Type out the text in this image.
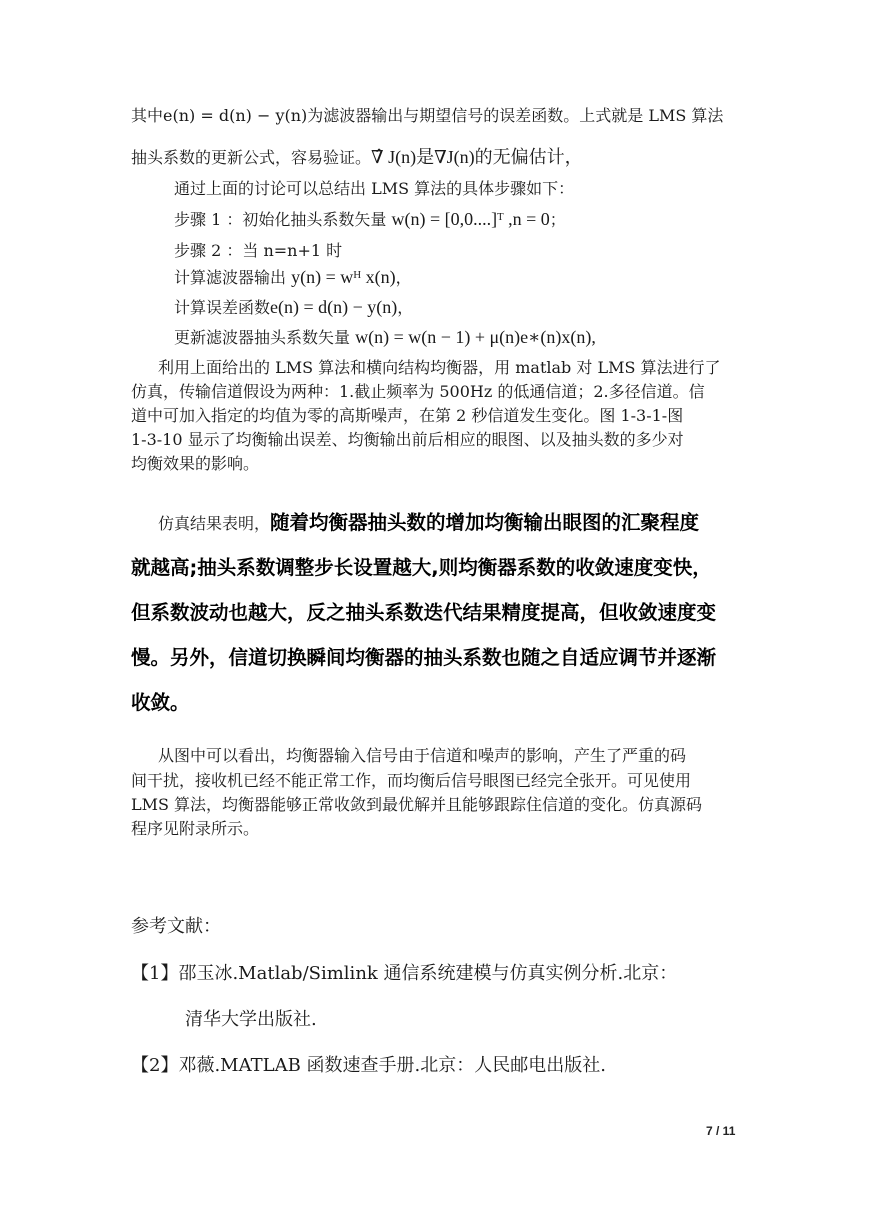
其中e(n) = d(n) − y(n)为滤波器输出与期望信号的误差函数。上式就是 LMS 算法
抽头系数的更新公式，容易验证。∇̂ J(n)是∇J(n)的无偏估计，
通过上面的讨论可以总结出 LMS 算法的具体步骤如下：
步骤 1 ：初始化抽头系数矢量 w(n) = [0,0....]ᵀ ,n = 0；
步骤 2 ：当 n=n+1 时
计算滤波器输出 y(n) = wᴴ x(n)，
计算误差函数e(n) = d(n) − y(n)，
更新滤波器抽头系数矢量 w(n) = w(n − 1) + μ(n)e∗(n)x(n),
利用上面给出的 LMS 算法和横向结构均衡器，用 matlab 对 LMS 算法进行了
仿真，传输信道假设为两种：1.截止频率为 500Hz 的低通信道；2.多径信道。信
道中可加入指定的均值为零的高斯噪声，在第 2 秒信道发生变化。图 1-3-1-图
1-3-10 显示了均衡输出误差、均衡输出前后相应的眼图、以及抽头数的多少对
均衡效果的影响。
仿真结果表明，随着均衡器抽头数的增加均衡输出眼图的汇聚程度
就越高;抽头系数调整步长设置越大,则均衡器系数的收敛速度变快，
但系数波动也越大，反之抽头系数迭代结果精度提高，但收敛速度变
慢。另外，信道切换瞬间均衡器的抽头系数也随之自适应调节并逐渐
收敛。
从图中可以看出，均衡器输入信号由于信道和噪声的影响，产生了严重的码
间干扰，接收机已经不能正常工作，而均衡后信号眼图已经完全张开。可见使用
LMS 算法，均衡器能够正常收敛到最优解并且能够跟踪住信道的变化。仿真源码
程序见附录所示。
参考文献：
【1】邵玉冰.Matlab/Simlink 通信系统建模与仿真实例分析.北京：
清华大学出版社.
【2】邓薇.MATLAB 函数速查手册.北京：人民邮电出版社.
7 / 11
